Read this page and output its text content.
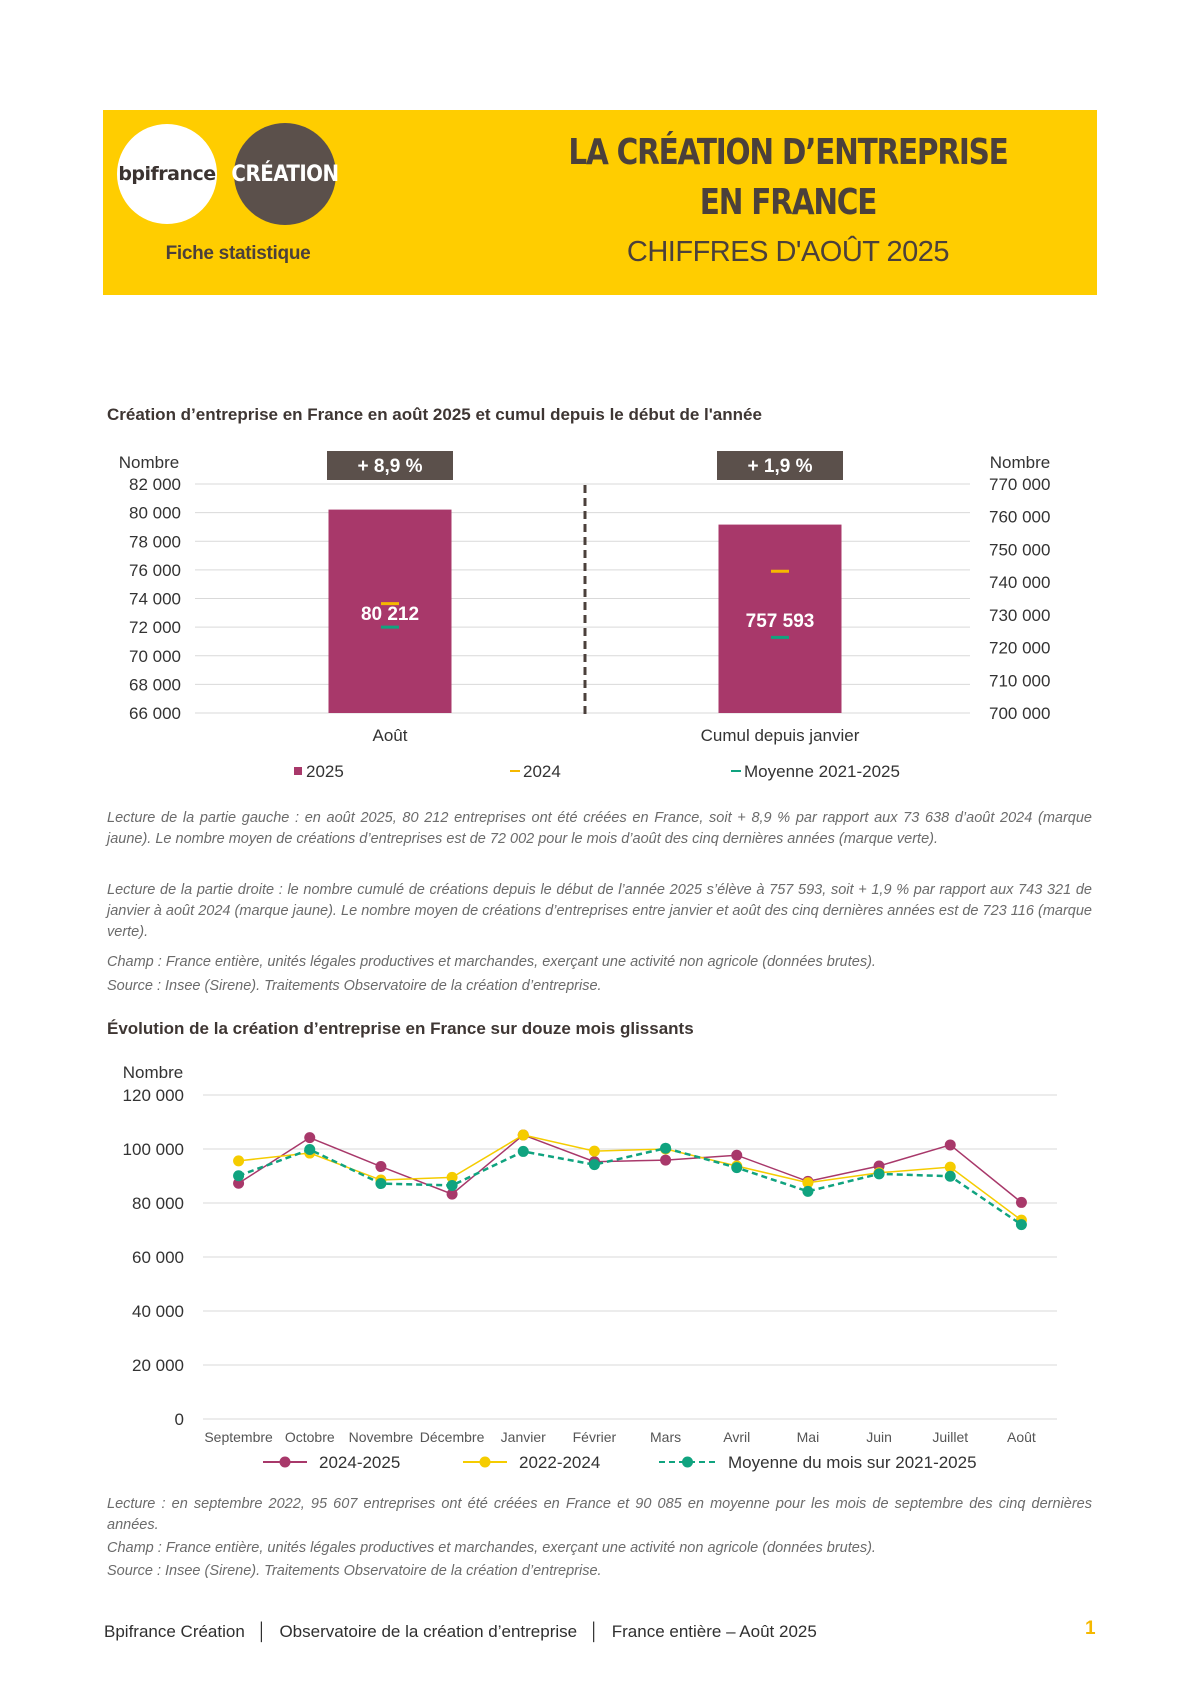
bpifrance CRÉATION
Fiche statistique
LA CRÉATION D’ENTREPRISE
EN FRANCE
CHIFFRES D'AOÛT 2025
Création d’entreprise en France en août 2025 et cumul depuis le début de l'année
Nombre	Nombre
66 000
68 000
70 000
72 000
74 000
76 000
78 000
80 000
82 000
700 000
710 000
720 000
730 000
740 000
750 000
760 000
770 000
80 212
+ 8,9 %
Août
757 593
+ 1,9 %
Cumul depuis janvier
2025	2024	Moyenne 2021-2025
Lecture de la partie gauche : en août 2025, 80 212 entreprises ont été créées en France, soit + 8,9 % par rapport aux 73 638 d’août 2024 (marque jaune). Le nombre moyen de créations d’entreprises est de 72 002 pour le mois d’août des cinq dernières années (marque verte).
Lecture de la partie droite : le nombre cumulé de créations depuis le début de l’année 2025 s’élève à 757 593, soit + 1,9 % par rapport aux 743 321 de janvier à août 2024 (marque jaune). Le nombre moyen de créations d’entreprises entre janvier et août des cinq dernières années est de 723 116 (marque verte).
Champ : France entière, unités légales productives et marchandes, exerçant une activité non agricole (données brutes).
Source : Insee (Sirene). Traitements Observatoire de la création d’entreprise.
Évolution de la création d’entreprise en France sur douze mois glissants
Nombre
0
20 000
40 000
60 000
80 000
100 000
120 000
Septembre Octobre Novembre Décembre Janvier Février Mars	Avril	Mai	Juin	Juillet	Août
2024-2025	2022-2024	Moyenne du mois sur 2021-2025
Lecture : en septembre 2022, 95 607 entreprises ont été créées en France et 90 085 en moyenne pour les mois de septembre des cinq dernières années.
Champ : France entière, unités légales productives et marchandes, exerçant une activité non agricole (données brutes).
Source : Insee (Sirene). Traitements Observatoire de la création d’entreprise.
Bpifrance Création │ Observatoire de la création d’entreprise │ France entière – Août 2025	1
